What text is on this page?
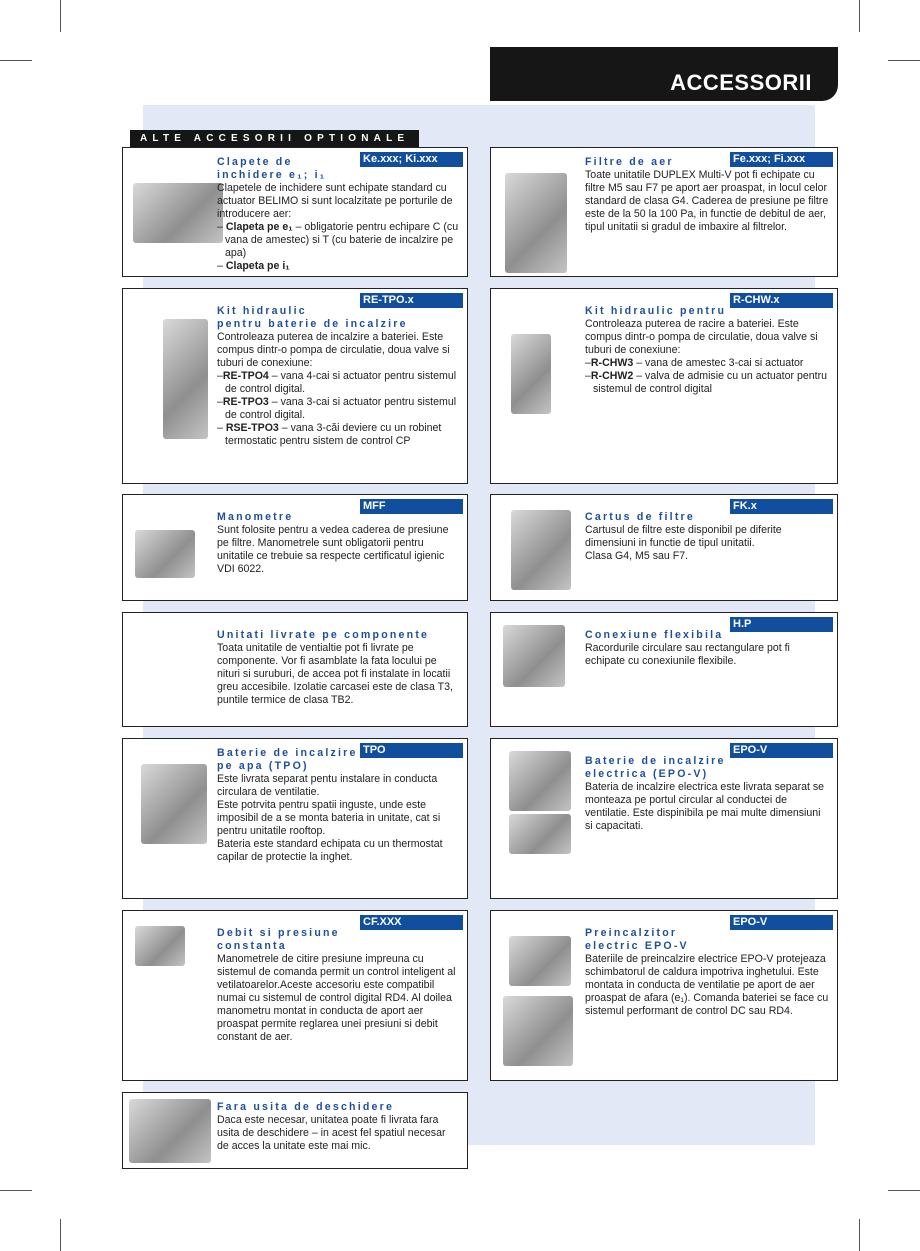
ACCESSORII
ALTE ACCESORII OPTIONALE
Ke.xxx; Ki.xxx
Clapete de
inchidere e₁; i₁
Clapetele de inchidere sunt echipate standard cu actuator BELIMO si sunt localzitate pe porturile de introducere aer:
– Clapeta pe e₁ – obligatorie pentru echipare C (cu vana de amestec) si T (cu baterie de incalzire pe apa)
– Clapeta pe i₁
Fe.xxx; Fi.xxx
Filtre de aer
Toate unitatile DUPLEX Multi-V pot fi echipate cu filtre M5 sau F7 pe aport aer proaspat, in locul celor standard de clasa G4. Caderea de presiune pe filtre este de la 50 la 100 Pa, in functie de debitul de aer, tipul unitatii si gradul de imbaxire al filtrelor.
RE-TPO.x
Kit hidraulic
pentru baterie de incalzire
Controleaza puterea de incalzire a bateriei. Este compus dintr-o pompa de circulatie, doua valve si tuburi de conexiune:
–RE-TPO4 – vana 4-cai si actuator pentru sistemul de control digital.
–RE-TPO3 – vana 3-cai si actuator pentru sistemul de control digital.
– RSE-TPO3 – vana 3-căi deviere cu un robinet termostatic pentru sistem de control CP
R-CHW.x
Kit hidraulic pentru
Controleaza puterea de racire a bateriei. Este compus dintr-o pompa de circulatie, doua valve si tuburi de conexiune:
–R-CHW3 – vana de amestec 3-cai si actuator
–R-CHW2 – valva de admisie cu un actuator pentru sistemul de control digital
MFF
Manometre
Sunt folosite pentru a vedea caderea de presiune pe filtre. Manometrele sunt obligatorii pentru unitatile ce trebuie sa respecte certificatul igienic VDI 6022.
FK.x
Cartus de filtre
Cartusul de filtre este disponibil pe diferite dimensiuni in functie de tipul unitatii.
Clasa G4, M5 sau F7.
Unitati livrate pe componente
Toata unitatile de ventialtie pot fi livrate pe componente. Vor fi asamblate la fata locului pe nituri si suruburi, de accea pot fi instalate in locatii greu accesibile. Izolatie carcasei este de clasa T3, puntile termice de clasa TB2.
H.P
Conexiune flexibila
Racordurile circulare sau rectangulare pot fi echipate cu conexiunile flexibile.
TPO
Baterie de incalzire
pe apa (TPO)
Este livrata separat pentu instalare in conducta circulara de ventilatie.
Este potrvita pentru spatii inguste, unde este imposibil de a se monta bateria in unitate, cat si pentru unitatile rooftop.
Bateria este standard echipata cu un thermostat capilar de protectie la inghet.
EPO-V
Baterie de incalzire
electrica (EPO-V)
Bateria de incalzire electrica este livrata separat se monteaza pe portul circular al conductei de ventilatie. Este dispinibila pe mai multe dimensiuni si capacitati.
CF.XXX
Debit si presiune
constanta
Manometrele de citire presiune impreuna cu sistemul de comanda permit un control inteligent al vetilatoarelor.Aceste accesoriu este compatibil numai cu sistemul de control digital RD4. Al doilea manometru montat in conducta de aport aer proaspat permite reglarea unei presiuni si debit constant de aer.
EPO-V
Preincalzitor
electric EPO-V
Bateriile de preincalzire electrice EPO-V protejeaza schimbatorul de caldura impotriva inghetului. Este montata in conducta de ventilatie pe aport de aer proaspat de afara (e₁). Comanda bateriei se face cu sistemul performant de control DC sau RD4.
Fara usita de deschidere
Daca este necesar, unitatea poate fi livrata fara usita de deschidere – in acest fel spatiul necesar de acces la unitate este mai mic.
